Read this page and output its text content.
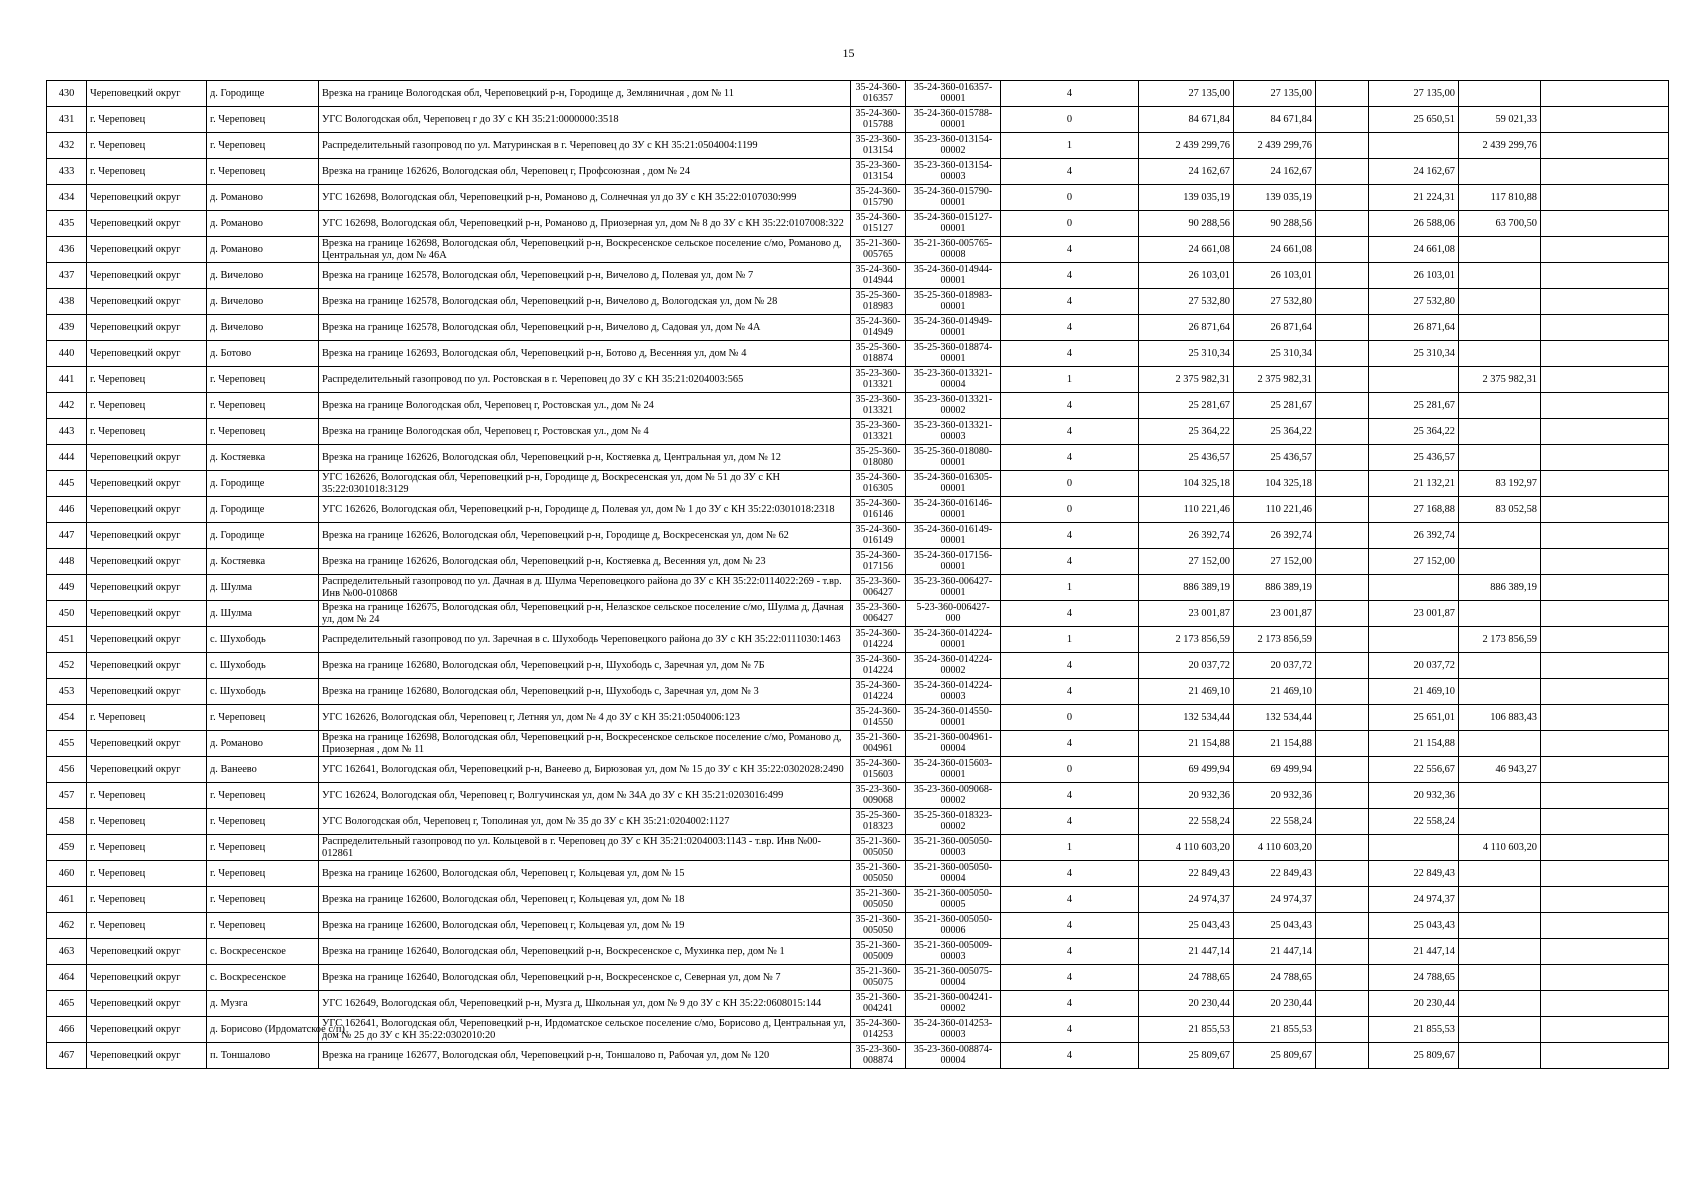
15
430	Череповецкий округ	д. Городище	Врезка на границе Вологодская обл, Череповецкий р-н, Городище д, Земляничная , дом № 11	35-24-360-016357	35-24-360-016357-00001	4	27 135,00	27 135,00		27 135,00		
431	г. Череповец	г. Череповец	УГС Вологодская обл, Череповец г до ЗУ с КН 35:21:0000000:3518	35-24-360-015788	35-24-360-015788-00001	0	84 671,84	84 671,84		25 650,51	59 021,33	
432	г. Череповец	г. Череповец	Распределительный газопровод по ул. Матуринская в г. Череповец до ЗУ с КН 35:21:0504004:1199	35-23-360-013154	35-23-360-013154-00002	1	2 439 299,76	2 439 299,76			2 439 299,76	
433	г. Череповец	г. Череповец	Врезка на границе 162626, Вологодская обл, Череповец г, Профсоюзная , дом № 24	35-23-360-013154	35-23-360-013154-00003	4	24 162,67	24 162,67		24 162,67		
434	Череповецкий округ	д. Романово	УГС 162698, Вологодская обл, Череповецкий р-н, Романово д, Солнечная ул до ЗУ с КН 35:22:0107030:999	35-24-360-015790	35-24-360-015790-00001	0	139 035,19	139 035,19		21 224,31	117 810,88	
435	Череповецкий округ	д. Романово	УГС 162698, Вологодская обл, Череповецкий р-н, Романово д, Приозерная ул, дом № 8 до ЗУ с КН 35:22:0107008:322	35-24-360-015127	35-24-360-015127-00001	0	90 288,56	90 288,56		26 588,06	63 700,50	
436	Череповецкий округ	д. Романово	Врезка на границе 162698, Вологодская обл, Череповецкий р-н, Воскресенское сельское поселение с/мо, Романово д, Центральная ул, дом № 46А	35-21-360-005765	35-21-360-005765-00008	4	24 661,08	24 661,08		24 661,08		
437	Череповецкий округ	д. Вичелово	Врезка на границе 162578, Вологодская обл, Череповецкий р-н, Вичелово д, Полевая ул, дом № 7	35-24-360-014944	35-24-360-014944-00001	4	26 103,01	26 103,01		26 103,01		
438	Череповецкий округ	д. Вичелово	Врезка на границе 162578, Вологодская обл, Череповецкий р-н, Вичелово д, Вологодская ул, дом № 28	35-25-360-018983	35-25-360-018983-00001	4	27 532,80	27 532,80		27 532,80		
439	Череповецкий округ	д. Вичелово	Врезка на границе 162578, Вологодская обл, Череповецкий р-н, Вичелово д, Садовая ул, дом № 4А	35-24-360-014949	35-24-360-014949-00001	4	26 871,64	26 871,64		26 871,64		
440	Череповецкий округ	д. Ботово	Врезка на границе 162693, Вологодская обл, Череповецкий р-н, Ботово д, Весенняя ул, дом № 4	35-25-360-018874	35-25-360-018874-00001	4	25 310,34	25 310,34		25 310,34		
441	г. Череповец	г. Череповец	Распределительный газопровод по ул. Ростовская в г. Череповец до ЗУ с КН 35:21:0204003:565	35-23-360-013321	35-23-360-013321-00004	1	2 375 982,31	2 375 982,31			2 375 982,31	
442	г. Череповец	г. Череповец	Врезка на границе Вологодская обл, Череповец г, Ростовская ул., дом № 24	35-23-360-013321	35-23-360-013321-00002	4	25 281,67	25 281,67		25 281,67		
443	г. Череповец	г. Череповец	Врезка на границе Вологодская обл, Череповец г, Ростовская ул., дом № 4	35-23-360-013321	35-23-360-013321-00003	4	25 364,22	25 364,22		25 364,22		
444	Череповецкий округ	д. Костяевка	Врезка на границе 162626, Вологодская обл, Череповецкий р-н, Костяевка д, Центральная ул, дом № 12	35-25-360-018080	35-25-360-018080-00001	4	25 436,57	25 436,57		25 436,57		
445	Череповецкий округ	д. Городище	УГС 162626, Вологодская обл, Череповецкий р-н, Городище д, Воскресенская ул, дом № 51 до ЗУ с КН 35:22:0301018:3129	35-24-360-016305	35-24-360-016305-00001	0	104 325,18	104 325,18		21 132,21	83 192,97	
446	Череповецкий округ	д. Городище	УГС 162626, Вологодская обл, Череповецкий р-н, Городище д, Полевая ул, дом № 1 до ЗУ с КН 35:22:0301018:2318	35-24-360-016146	35-24-360-016146-00001	0	110 221,46	110 221,46		27 168,88	83 052,58	
447	Череповецкий округ	д. Городище	Врезка на границе 162626, Вологодская обл, Череповецкий р-н, Городище д, Воскресенская ул, дом № 62	35-24-360-016149	35-24-360-016149-00001	4	26 392,74	26 392,74		26 392,74		
448	Череповецкий округ	д. Костяевка	Врезка на границе 162626, Вологодская обл, Череповецкий р-н, Костяевка д, Весенняя ул, дом № 23	35-24-360-017156	35-24-360-017156-00001	4	27 152,00	27 152,00		27 152,00		
449	Череповецкий округ	д. Шулма	Распределительный газопровод по ул. Дачная в д. Шулма Череповецкого района до ЗУ с КН 35:22:0114022:269 - т.вр. Инв №00-010868	35-23-360-006427	35-23-360-006427-00001	1	886 389,19	886 389,19			886 389,19	
450	Череповецкий округ	д. Шулма	Врезка на границе 162675, Вологодская обл, Череповецкий р-н, Нелазское сельское поселение с/мо, Шулма д, Дачная ул, дом № 24	35-23-360-006427	5-23-360-006427-000	4	23 001,87	23 001,87		23 001,87		
451	Череповецкий округ	с. Шухободь	Распределительный газопровод по ул. Заречная в с. Шухободь Череповецкого района до ЗУ с КН 35:22:0111030:1463	35-24-360-014224	35-24-360-014224-00001	1	2 173 856,59	2 173 856,59			2 173 856,59	
452	Череповецкий округ	с. Шухободь	Врезка на границе 162680, Вологодская обл, Череповецкий р-н, Шухободь с, Заречная ул, дом № 7Б	35-24-360-014224	35-24-360-014224-00002	4	20 037,72	20 037,72		20 037,72		
453	Череповецкий округ	с. Шухободь	Врезка на границе 162680, Вологодская обл, Череповецкий р-н, Шухободь с, Заречная ул, дом № 3	35-24-360-014224	35-24-360-014224-00003	4	21 469,10	21 469,10		21 469,10		
454	г. Череповец	г. Череповец	УГС 162626, Вологодская обл, Череповец г, Летняя ул, дом № 4 до ЗУ с КН 35:21:0504006:123	35-24-360-014550	35-24-360-014550-00001	0	132 534,44	132 534,44		25 651,01	106 883,43	
455	Череповецкий округ	д. Романово	Врезка на границе 162698, Вологодская обл, Череповецкий р-н, Воскресенское сельское поселение с/мо, Романово д, Приозерная , дом № 11	35-21-360-004961	35-21-360-004961-00004	4	21 154,88	21 154,88		21 154,88		
456	Череповецкий округ	д. Ванеево	УГС 162641, Вологодская обл, Череповецкий р-н, Ванеево д, Бирюзовая ул, дом № 15 до ЗУ с КН 35:22:0302028:2490	35-24-360-015603	35-24-360-015603-00001	0	69 499,94	69 499,94		22 556,67	46 943,27	
457	г. Череповец	г. Череповец	УГС 162624, Вологодская обл, Череповец г, Волгучинская ул, дом № 34А до ЗУ с КН 35:21:0203016:499	35-23-360-009068	35-23-360-009068-00002	4	20 932,36	20 932,36		20 932,36		
458	г. Череповец	г. Череповец	УГС Вологодская обл, Череповец г, Тополиная ул, дом № 35 до ЗУ с КН 35:21:0204002:1127	35-25-360-018323	35-25-360-018323-00002	4	22 558,24	22 558,24		22 558,24		
459	г. Череповец	г. Череповец	Распределительный газопровод по ул. Кольцевой в г. Череповец до ЗУ с КН 35:21:0204003:1143 - т.вр. Инв №00-012861	35-21-360-005050	35-21-360-005050-00003	1	4 110 603,20	4 110 603,20			4 110 603,20	
460	г. Череповец	г. Череповец	Врезка на границе 162600, Вологодская обл, Череповец г, Кольцевая ул, дом № 15	35-21-360-005050	35-21-360-005050-00004	4	22 849,43	22 849,43		22 849,43		
461	г. Череповец	г. Череповец	Врезка на границе 162600, Вологодская обл, Череповец г, Кольцевая ул, дом № 18	35-21-360-005050	35-21-360-005050-00005	4	24 974,37	24 974,37		24 974,37		
462	г. Череповец	г. Череповец	Врезка на границе 162600, Вологодская обл, Череповец г, Кольцевая ул, дом № 19	35-21-360-005050	35-21-360-005050-00006	4	25 043,43	25 043,43		25 043,43		
463	Череповецкий округ	с. Воскресенское	Врезка на границе 162640, Вологодская обл, Череповецкий р-н, Воскресенское с, Мухинка пер, дом № 1	35-21-360-005009	35-21-360-005009-00003	4	21 447,14	21 447,14		21 447,14		
464	Череповецкий округ	с. Воскресенское	Врезка на границе 162640, Вологодская обл, Череповецкий р-н, Воскресенское с, Северная ул, дом № 7	35-21-360-005075	35-21-360-005075-00004	4	24 788,65	24 788,65		24 788,65		
465	Череповецкий округ	д. Музга	УГС 162649, Вологодская обл, Череповецкий р-н, Музга д, Школьная ул, дом № 9 до ЗУ с КН 35:22:0608015:144	35-21-360-004241	35-21-360-004241-00002	4	20 230,44	20 230,44		20 230,44		
466	Череповецкий округ	д. Борисово (Ирдоматское с/п)	УГС 162641, Вологодская обл, Череповецкий р-н, Ирдоматское сельское поселение с/мо, Борисово д, Центральная ул, дом № 25 до ЗУ с КН 35:22:0302010:20	35-24-360-014253	35-24-360-014253-00003	4	21 855,53	21 855,53		21 855,53		
467	Череповецкий округ	п. Тоншалово	Врезка на границе 162677, Вологодская обл, Череповецкий р-н, Тоншалово п, Рабочая ул, дом № 120	35-23-360-008874	35-23-360-008874-00004	4	25 809,67	25 809,67		25 809,67		
